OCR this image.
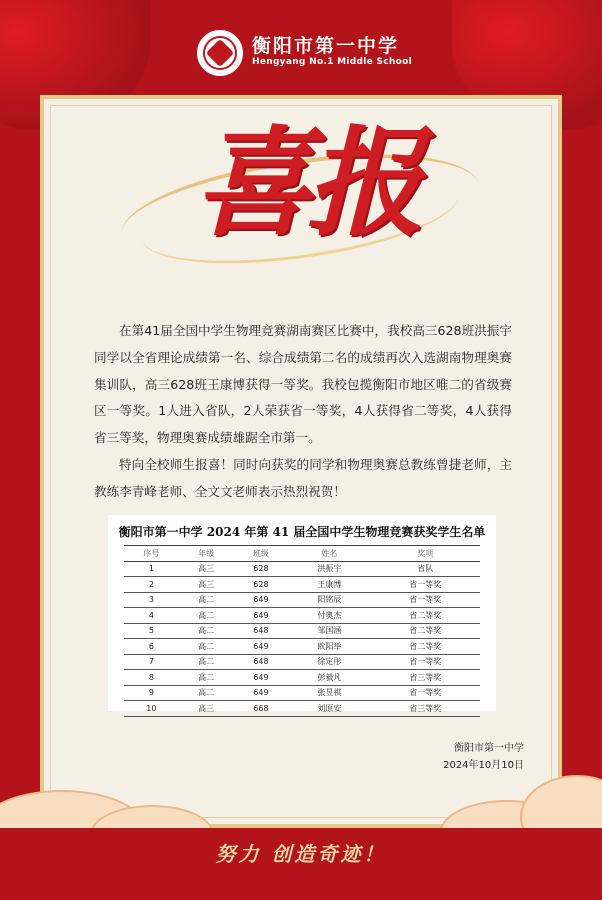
衡阳市第一中学
Hengyang No.1 Middle School
喜报

在第41届全国中学生物理竞赛湖南赛区比赛中，我校高三628班洪振宇同学以全省理论成绩第一名、综合成绩第二名的成绩再次入选湖南物理奥赛集训队，高三628班王康博获得一等奖。我校包揽衡阳市地区唯二的省级赛区一等奖。1人进入省队，2人荣获省一等奖，4人获得省二等奖，4人获得省三等奖，物理奥赛成绩雄踞全市第一。

特向全校师生报喜！同时向获奖的同学和物理奥赛总教练曾捷老师，主教练李青峰老师、全文文老师表示热烈祝贺！

衡阳市第一中学 2024 年第 41 届全国中学生物理竞赛获奖学生名单
序号	年级	班级	姓名	奖项
1	高三	628	洪振宇	省队
2	高三	628	王康博	省一等奖
3	高二	649	阳铭辰	省一等奖
4	高二	649	付奥杰	省二等奖
5	高二	648	邹国涵	省二等奖
6	高二	649	欧阳举	省二等奖
7	高二	648	徐定彤	省一等奖
8	高二	649	彭毅凡	省三等奖
9	高二	649	张昱祺	省一等奖
10	高三	668	刘原安	省三等奖
衡阳市第一中学
2024年10月10日
努力 创造奇迹！
